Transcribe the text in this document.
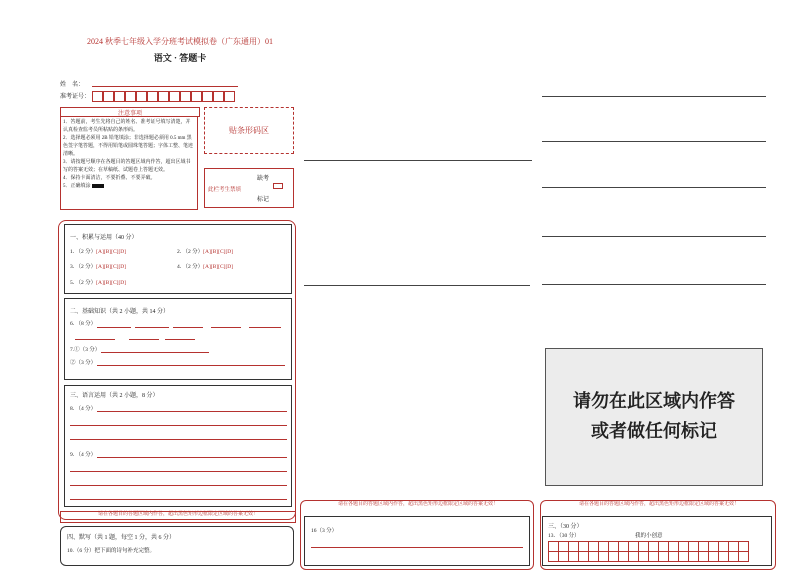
2024 秋季七年级入学分班考试模拟卷（广东通用）01
语文 · 答题卡
姓　名：
准考证号：
注意事项
1．答题前，考生先将自己的姓名、准考证号填写清楚，并认真检查监考员所粘贴的条形码。
2．选择题必须用 2B 铅笔填涂；非选择题必须用 0.5 mm 黑色签字笔答题，不得用铅笔或圆珠笔答题；字体工整、笔迹清晰。
3．请按题号顺序在各题目的答题区域内作答，超出区域书写的答案无效；在草稿纸、试题卷上答题无效。
4．保持卡面清洁，不要折叠、不要弄破。
5．正确填涂
贴条形码区
此栏考生禁填
缺考
标记
一、积累与运用（40 分）
1．（2 分）[A][B][C][D]	2．（2 分）[A][B][C][D]
3．（2 分）[A][B][C][D]	4．（2 分）[A][B][C][D]
5．（2 分）[A][B][C][D]
二、基础知识（共 2 小题，共 14 分）
6．（8 分）
7.①（3 分）
②（3 分）
三、语言运用（共 2 小题，8 分）
8．（4 分）
9．（4 分）
请在各题目的答题区域内作答，超出黑色矩形边框限定区域的答案无效！
四、默写（共 1 题，每空 1 分，共 6 分）
10.（6 分）把下面的诗句补充完整。
请在各题目的答题区域内作答，超出黑色矩形边框限定区域的答案无效！
16（3 分）
请勿在此区域内作答
或者做任何标记
请在各题目的答题区域内作答，超出黑色矩形边框限定区域的答案无效！
三、（30 分）
13．（30 分）	我的小创意
